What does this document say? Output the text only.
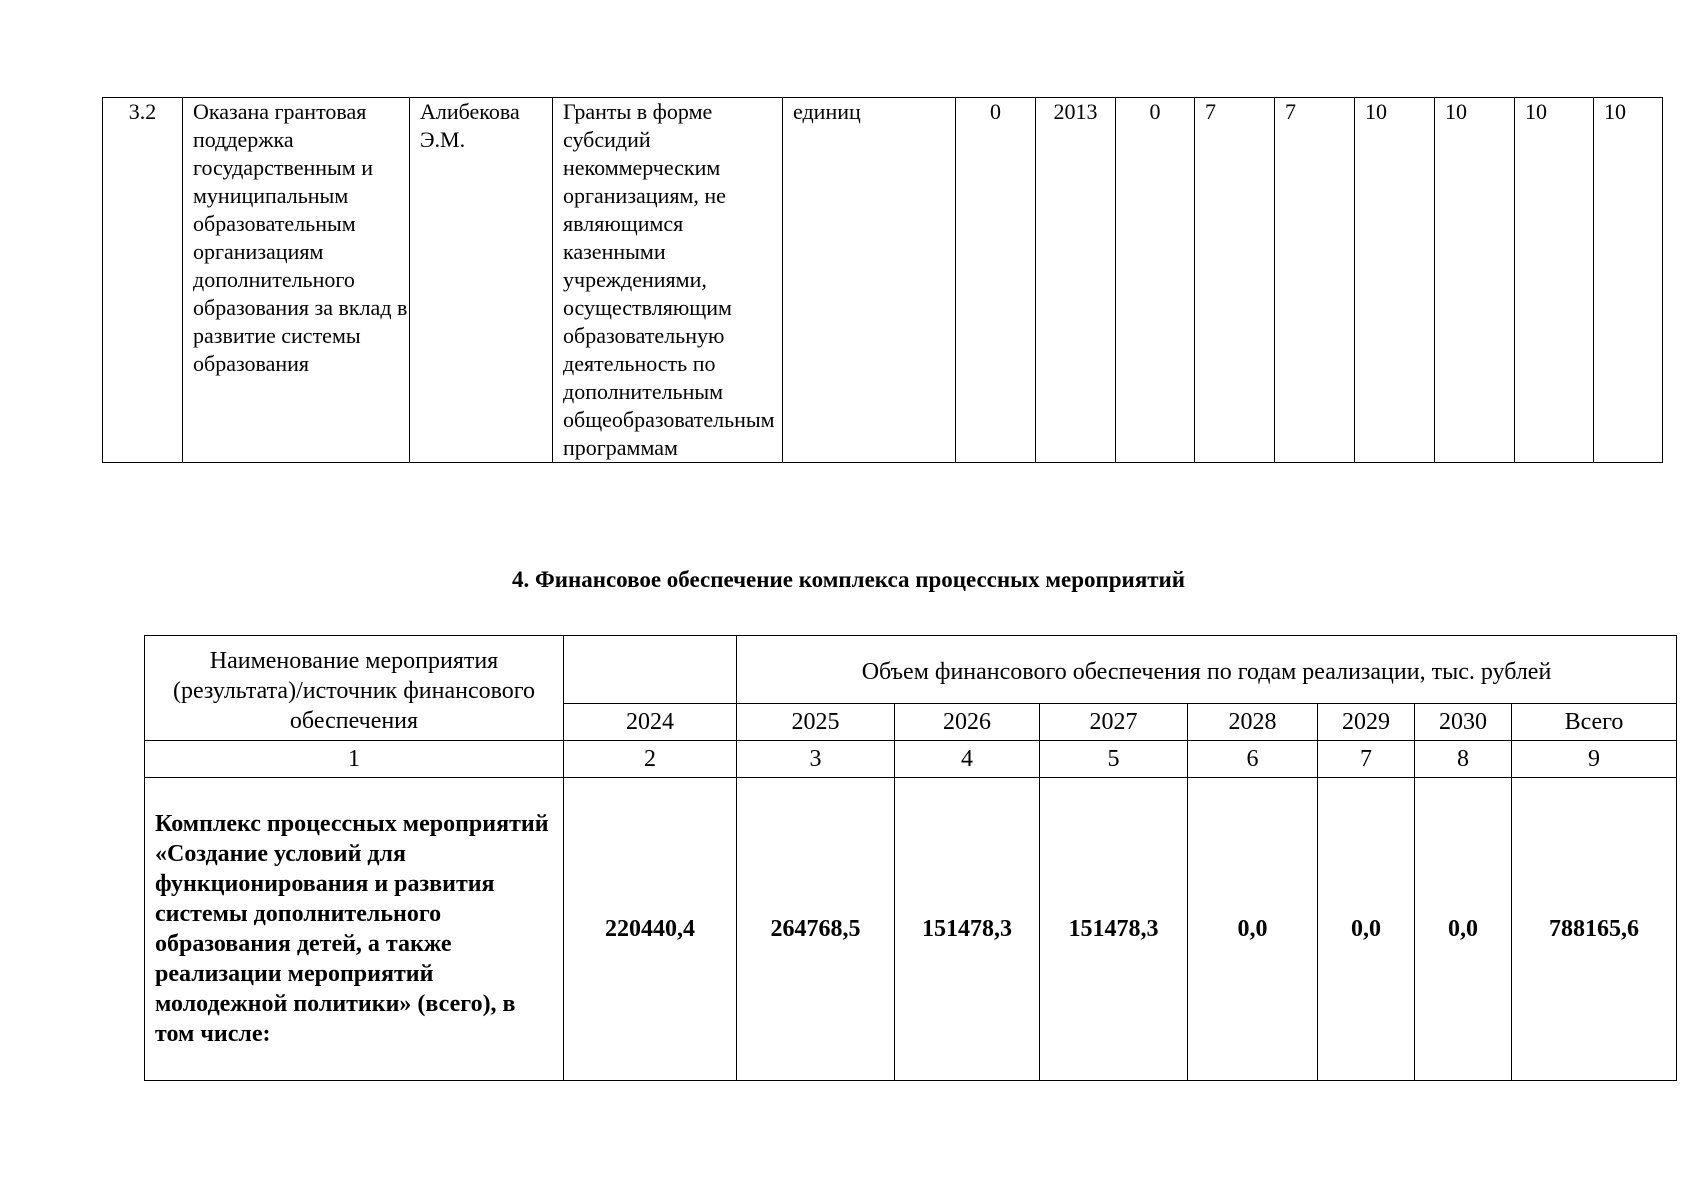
3.2	Оказана грантовая поддержка государственным и муниципальным образовательным организациям дополнительного образования за вклад в развитие системы образования	Алибекова Э.М.	Гранты в форме субсидий некоммерческим организациям, не являющимся казенными учреждениями, осуществляющим образовательную деятельность по дополнительным общеобразовательным программам	единиц	0	2013	0	7	7	10	10	10	10
4. Финансовое обеспечение комплекса процессных мероприятий
Наименование мероприятия (результата)/источник финансового обеспечения		Объем финансового обеспечения по годам реализации, тыс. рублей						
	2024	2025	2026	2027	2028	2029	2030	Всего
1	2	3	4	5	6	7	8	9
Комплекс процессных мероприятий «Создание условий для функционирования и развития системы дополнительного образования детей, а также реализации мероприятий молодежной политики» (всего), в том числе:	220440,4	264768,5	151478,3	151478,3	0,0	0,0	0,0	788165,6
